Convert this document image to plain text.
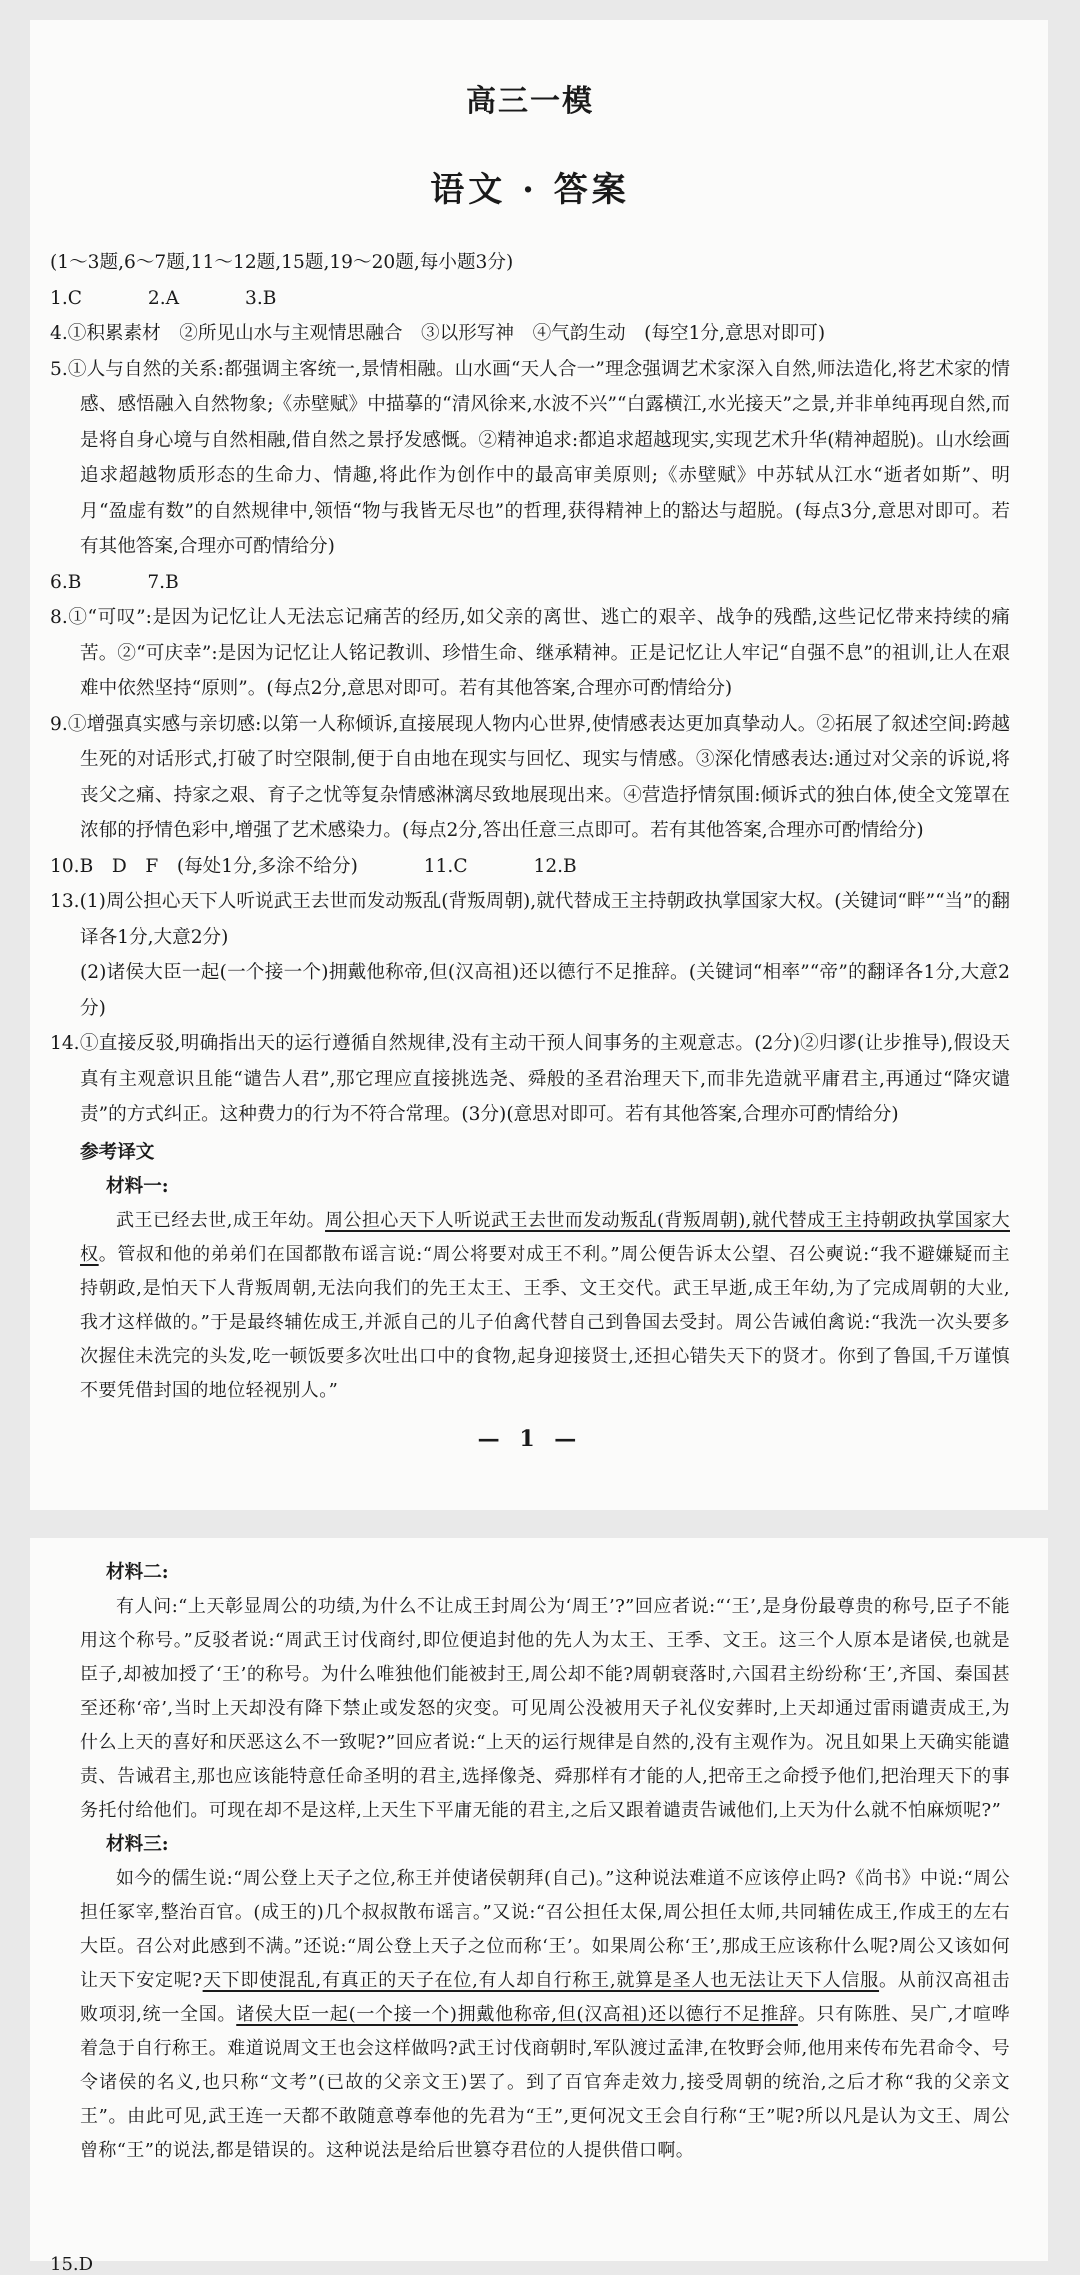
高三一模
语文 · 答案

(1～3题,6～7题,11～12题,15题,19～20题,每小题3分)

1.C	2.A	3.B

4.①积累素材　②所见山水与主观情思融合　③以形写神　④气韵生动　(每空1分,意思对即可)

5.①人与自然的关系:都强调主客统一,景情相融。山水画“天人合一”理念强调艺术家深入自然,师法造化,将艺术家的情感、感悟融入自然物象;《赤壁赋》中描摹的“清风徐来,水波不兴”“白露横江,水光接天”之景,并非单纯再现自然,而是将自身心境与自然相融,借自然之景抒发感慨。②精神追求:都追求超越现实,实现艺术升华(精神超脱)。山水绘画追求超越物质形态的生命力、情趣,将此作为创作中的最高审美原则;《赤壁赋》中苏轼从江水“逝者如斯”、明月“盈虚有数”的自然规律中,领悟“物与我皆无尽也”的哲理,获得精神上的豁达与超脱。(每点3分,意思对即可。若有其他答案,合理亦可酌情给分)

6.B	7.B

8.①“可叹”:是因为记忆让人无法忘记痛苦的经历,如父亲的离世、逃亡的艰辛、战争的残酷,这些记忆带来持续的痛苦。②“可庆幸”:是因为记忆让人铭记教训、珍惜生命、继承精神。正是记忆让人牢记“自强不息”的祖训,让人在艰难中依然坚持“原则”。(每点2分,意思对即可。若有其他答案,合理亦可酌情给分)

9.①增强真实感与亲切感:以第一人称倾诉,直接展现人物内心世界,使情感表达更加真挚动人。②拓展了叙述空间:跨越生死的对话形式,打破了时空限制,便于自由地在现实与回忆、现实与情感。③深化情感表达:通过对父亲的诉说,将丧父之痛、持家之艰、育子之忧等复杂情感淋漓尽致地展现出来。④营造抒情氛围:倾诉式的独白体,使全文笼罩在浓郁的抒情色彩中,增强了艺术感染力。(每点2分,答出任意三点即可。若有其他答案,合理亦可酌情给分)

10.B　D　F　(每处1分,多涂不给分)	11.C	12.B

13.(1)周公担心天下人听说武王去世而发动叛乱(背叛周朝),就代替成王主持朝政执掌国家大权。(关键词“畔”“当”的翻译各1分,大意2分)

(2)诸侯大臣一起(一个接一个)拥戴他称帝,但(汉高祖)还以德行不足推辞。(关键词“相率”“帝”的翻译各1分,大意2分)

14.①直接反驳,明确指出天的运行遵循自然规律,没有主动干预人间事务的主观意志。(2分)②归谬(让步推导),假设天真有主观意识且能“谴告人君”,那它理应直接挑选尧、舜般的圣君治理天下,而非先造就平庸君主,再通过“降灾谴责”的方式纠正。这种费力的行为不符合常理。(3分)(意思对即可。若有其他答案,合理亦可酌情给分)

参考译文
材料一:

武王已经去世,成王年幼。周公担心天下人听说武王去世而发动叛乱(背叛周朝),就代替成王主持朝政执掌国家大权。管叔和他的弟弟们在国都散布谣言说:“周公将要对成王不利。”周公便告诉太公望、召公奭说:“我不避嫌疑而主持朝政,是怕天下人背叛周朝,无法向我们的先王太王、王季、文王交代。武王早逝,成王年幼,为了完成周朝的大业,我才这样做的。”于是最终辅佐成王,并派自己的儿子伯禽代替自己到鲁国去受封。周公告诫伯禽说:“我洗一次头要多次握住未洗完的头发,吃一顿饭要多次吐出口中的食物,起身迎接贤士,还担心错失天下的贤才。你到了鲁国,千万谨慎不要凭借封国的地位轻视别人。”

— 1 —
材料二:

有人问:“上天彰显周公的功绩,为什么不让成王封周公为‘周王’?”回应者说:“‘王’,是身份最尊贵的称号,臣子不能用这个称号。”反驳者说:“周武王讨伐商纣,即位便追封他的先人为太王、王季、文王。这三个人原本是诸侯,也就是臣子,却被加授了‘王’的称号。为什么唯独他们能被封王,周公却不能?周朝衰落时,六国君主纷纷称‘王’,齐国、秦国甚至还称‘帝’,当时上天却没有降下禁止或发怒的灾变。可见周公没被用天子礼仪安葬时,上天却通过雷雨谴责成王,为什么上天的喜好和厌恶这么不一致呢?”回应者说:“上天的运行规律是自然的,没有主观作为。况且如果上天确实能谴责、告诫君主,那也应该能特意任命圣明的君主,选择像尧、舜那样有才能的人,把帝王之命授予他们,把治理天下的事务托付给他们。可现在却不是这样,上天生下平庸无能的君主,之后又跟着谴责告诫他们,上天为什么就不怕麻烦呢?”

材料三:

如今的儒生说:“周公登上天子之位,称王并使诸侯朝拜(自己)。”这种说法难道不应该停止吗?《尚书》中说:“周公担任冢宰,整治百官。(成王的)几个叔叔散布谣言。”又说:“召公担任太保,周公担任太师,共同辅佐成王,作成王的左右大臣。召公对此感到不满。”还说:“周公登上天子之位而称‘王’。如果周公称‘王’,那成王应该称什么呢?周公又该如何让天下安定呢?天下即使混乱,有真正的天子在位,有人却自行称王,就算是圣人也无法让天下人信服。从前汉高祖击败项羽,统一全国。诸侯大臣一起(一个接一个)拥戴他称帝,但(汉高祖)还以德行不足推辞。只有陈胜、吴广,才喧哗着急于自行称王。难道说周文王也会这样做吗?武王讨伐商朝时,军队渡过孟津,在牧野会师,他用来传布先君命令、号令诸侯的名义,也只称“文考”(已故的父亲文王)罢了。到了百官奔走效力,接受周朝的统治,之后才称“我的父亲文王”。由此可见,武王连一天都不敢随意尊奉他的先君为“王”,更何况文王会自行称“王”呢?所以凡是认为文王、周公曾称“王”的说法,都是错误的。这种说法是给后世篡夺君位的人提供借口啊。

15.D
